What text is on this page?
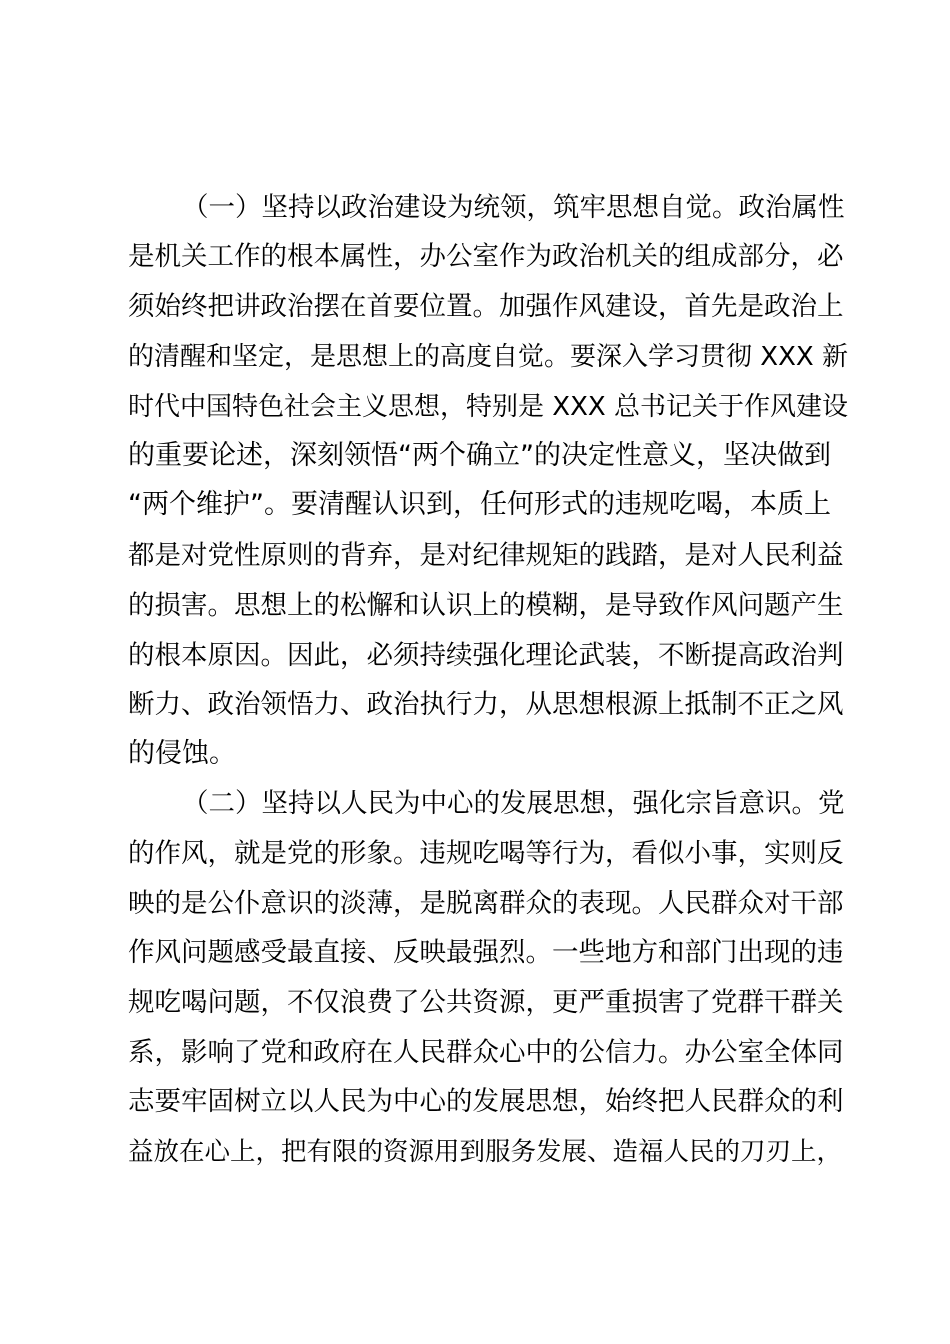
（一）坚持以政治建设为统领，筑牢思想自觉。政治属性
是机关工作的根本属性，办公室作为政治机关的组成部分，必
须始终把讲政治摆在首要位置。加强作风建设，首先是政治上
的清醒和坚定，是思想上的高度自觉。要深入学习贯彻 XXX 新
时代中国特色社会主义思想，特别是 XXX 总书记关于作风建设
的重要论述，深刻领悟“两个确立”的决定性意义，坚决做到
“两个维护”。要清醒认识到，任何形式的违规吃喝，本质上
都是对党性原则的背弃，是对纪律规矩的践踏，是对人民利益
的损害。思想上的松懈和认识上的模糊，是导致作风问题产生
的根本原因。因此，必须持续强化理论武装，不断提高政治判
断力、政治领悟力、政治执行力，从思想根源上抵制不正之风
的侵蚀。
（二）坚持以人民为中心的发展思想，强化宗旨意识。党
的作风，就是党的形象。违规吃喝等行为，看似小事，实则反
映的是公仆意识的淡薄，是脱离群众的表现。人民群众对干部
作风问题感受最直接、反映最强烈。一些地方和部门出现的违
规吃喝问题，不仅浪费了公共资源，更严重损害了党群干群关
系，影响了党和政府在人民群众心中的公信力。办公室全体同
志要牢固树立以人民为中心的发展思想，始终把人民群众的利
益放在心上，把有限的资源用到服务发展、造福人民的刀刃上，
